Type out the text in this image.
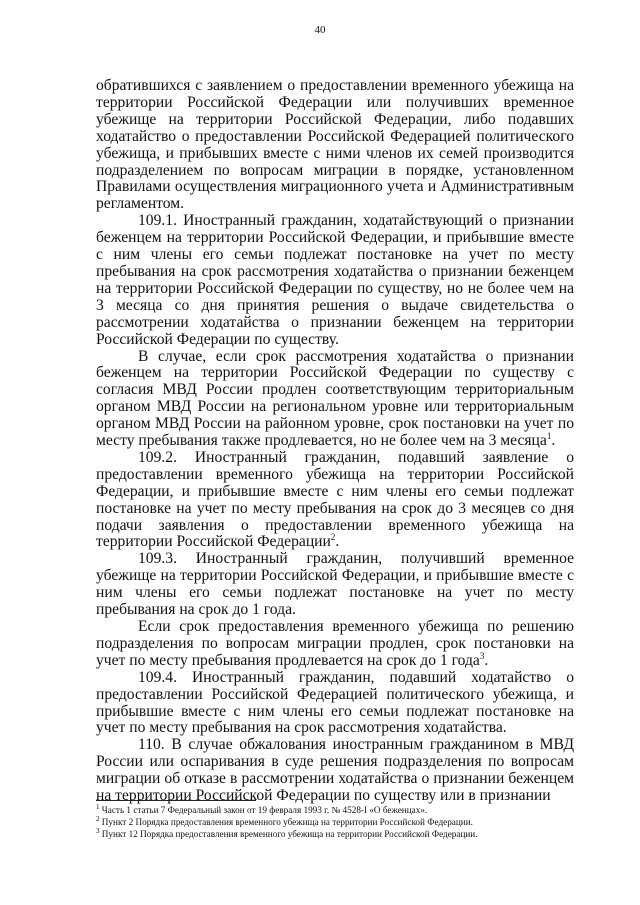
40

обратившихся с заявлением о предоставлении временного убежища на территории Российской Федерации или получивших временное убежище на территории Российской Федерации, либо подавших ходатайство о предоставлении Российской Федерацией политического убежища, и прибывших вместе с ними членов их семей производится подразделением по вопросам миграции в порядке, установленном Правилами осуществления миграционного учета и Административным регламентом.

109.1. Иностранный гражданин, ходатайствующий о признании беженцем на территории Российской Федерации, и прибывшие вместе с ним члены его семьи подлежат постановке на учет по месту пребывания на срок рассмотрения ходатайства о признании беженцем на территории Российской Федерации по существу, но не более чем на 3 месяца со дня принятия решения о выдаче свидетельства о рассмотрении ходатайства о признании беженцем на территории Российской Федерации по существу.

В случае, если срок рассмотрения ходатайства о признании беженцем на территории Российской Федерации по существу с согласия МВД России продлен соответствующим территориальным органом МВД России на региональном уровне или территориальным органом МВД России на районном уровне, срок постановки на учет по месту пребывания также продлевается, но не более чем на 3 месяца$^1$.

109.2. Иностранный гражданин, подавший заявление о предоставлении временного убежища на территории Российской Федерации, и прибывшие вместе с ним члены его семьи подлежат постановке на учет по месту пребывания на срок до 3 месяцев со дня подачи заявления о предоставлении временного убежища на территории Российской Федерации$^2$.

109.3. Иностранный гражданин, получивший временное убежище на территории Российской Федерации, и прибывшие вместе с ним члены его семьи подлежат постановке на учет по месту пребывания на срок до 1 года.

Если срок предоставления временного убежища по решению подразделения по вопросам миграции продлен, срок постановки на учет по месту пребывания продлевается на срок до 1 года$^3$.

109.4. Иностранный гражданин, подавший ходатайство о предоставлении Российской Федерацией политического убежища, и прибывшие вместе с ним члены его семьи подлежат постановке на учет по месту пребывания на срок рассмотрения ходатайства.

110. В случае обжалования иностранным гражданином в МВД России или оспаривания в суде решения подразделения по вопросам миграции об отказе в рассмотрении ходатайства о признании беженцем на территории Российской Федерации по существу или в признании

$^1$ Часть 1 статьи 7 Федеральный закон от 19 февраля 1993 г. № 4528-I «О беженцах».
$^2$ Пункт 2 Порядка предоставления временного убежища на территории Российской Федерации.
$^3$ Пункт 12 Порядка предоставления временного убежища на территории Российской Федерации.
